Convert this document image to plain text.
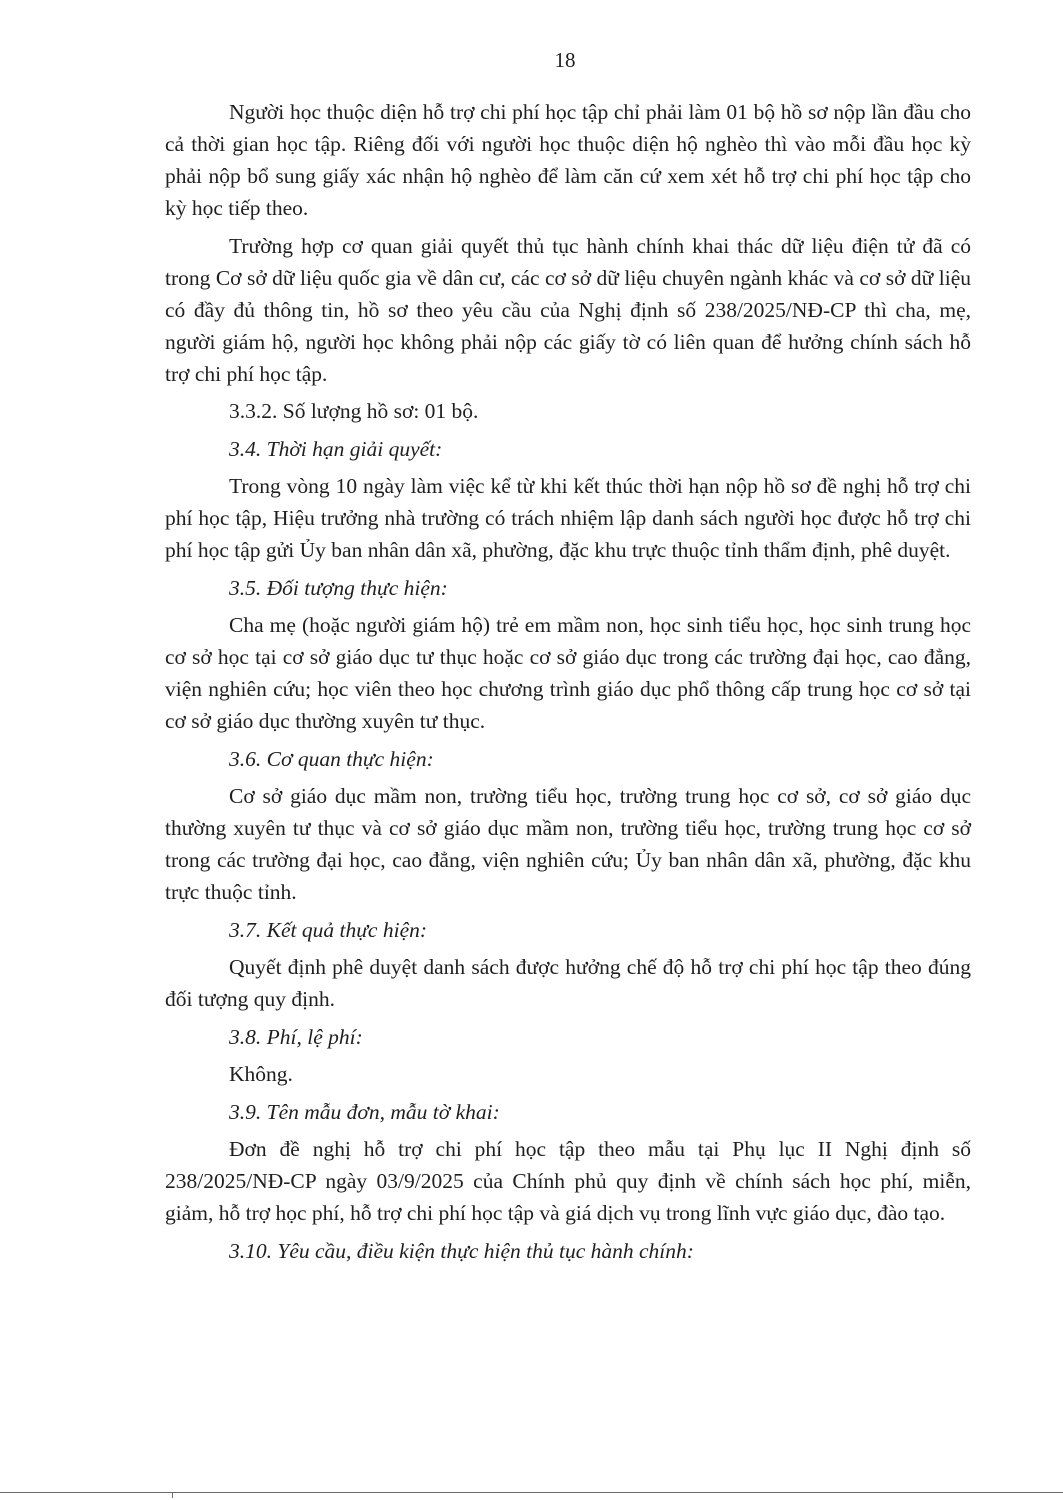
18

Người học thuộc diện hỗ trợ chi phí học tập chỉ phải làm 01 bộ hồ sơ nộp lần đầu cho cả thời gian học tập. Riêng đối với người học thuộc diện hộ nghèo thì vào mỗi đầu học kỳ phải nộp bổ sung giấy xác nhận hộ nghèo để làm căn cứ xem xét hỗ trợ chi phí học tập cho kỳ học tiếp theo.

Trường hợp cơ quan giải quyết thủ tục hành chính khai thác dữ liệu điện tử đã có trong Cơ sở dữ liệu quốc gia về dân cư, các cơ sở dữ liệu chuyên ngành khác và cơ sở dữ liệu có đầy đủ thông tin, hồ sơ theo yêu cầu của Nghị định số 238/2025/NĐ-CP thì cha, mẹ, người giám hộ, người học không phải nộp các giấy tờ có liên quan để hưởng chính sách hỗ trợ chi phí học tập.

3.3.2. Số lượng hồ sơ: 01 bộ.

3.4. Thời hạn giải quyết:

Trong vòng 10 ngày làm việc kể từ khi kết thúc thời hạn nộp hồ sơ đề nghị hỗ trợ chi phí học tập, Hiệu trưởng nhà trường có trách nhiệm lập danh sách người học được hỗ trợ chi phí học tập gửi Ủy ban nhân dân xã, phường, đặc khu trực thuộc tỉnh thẩm định, phê duyệt.

3.5. Đối tượng thực hiện:

Cha mẹ (hoặc người giám hộ) trẻ em mầm non, học sinh tiểu học, học sinh trung học cơ sở học tại cơ sở giáo dục tư thục hoặc cơ sở giáo dục trong các trường đại học, cao đẳng, viện nghiên cứu; học viên theo học chương trình giáo dục phổ thông cấp trung học cơ sở tại cơ sở giáo dục thường xuyên tư thục.

3.6. Cơ quan thực hiện:

Cơ sở giáo dục mầm non, trường tiểu học, trường trung học cơ sở, cơ sở giáo dục thường xuyên tư thục và cơ sở giáo dục mầm non, trường tiểu học, trường trung học cơ sở trong các trường đại học, cao đẳng, viện nghiên cứu; Ủy ban nhân dân xã, phường, đặc khu trực thuộc tỉnh.

3.7. Kết quả thực hiện:

Quyết định phê duyệt danh sách được hưởng chế độ hỗ trợ chi phí học tập theo đúng đối tượng quy định.

3.8. Phí, lệ phí:

Không.

3.9. Tên mẫu đơn, mẫu tờ khai:

Đơn đề nghị hỗ trợ chi phí học tập theo mẫu tại Phụ lục II Nghị định số 238/2025/NĐ-CP ngày 03/9/2025 của Chính phủ quy định về chính sách học phí, miễn, giảm, hỗ trợ học phí, hỗ trợ chi phí học tập và giá dịch vụ trong lĩnh vực giáo dục, đào tạo.

3.10. Yêu cầu, điều kiện thực hiện thủ tục hành chính:
